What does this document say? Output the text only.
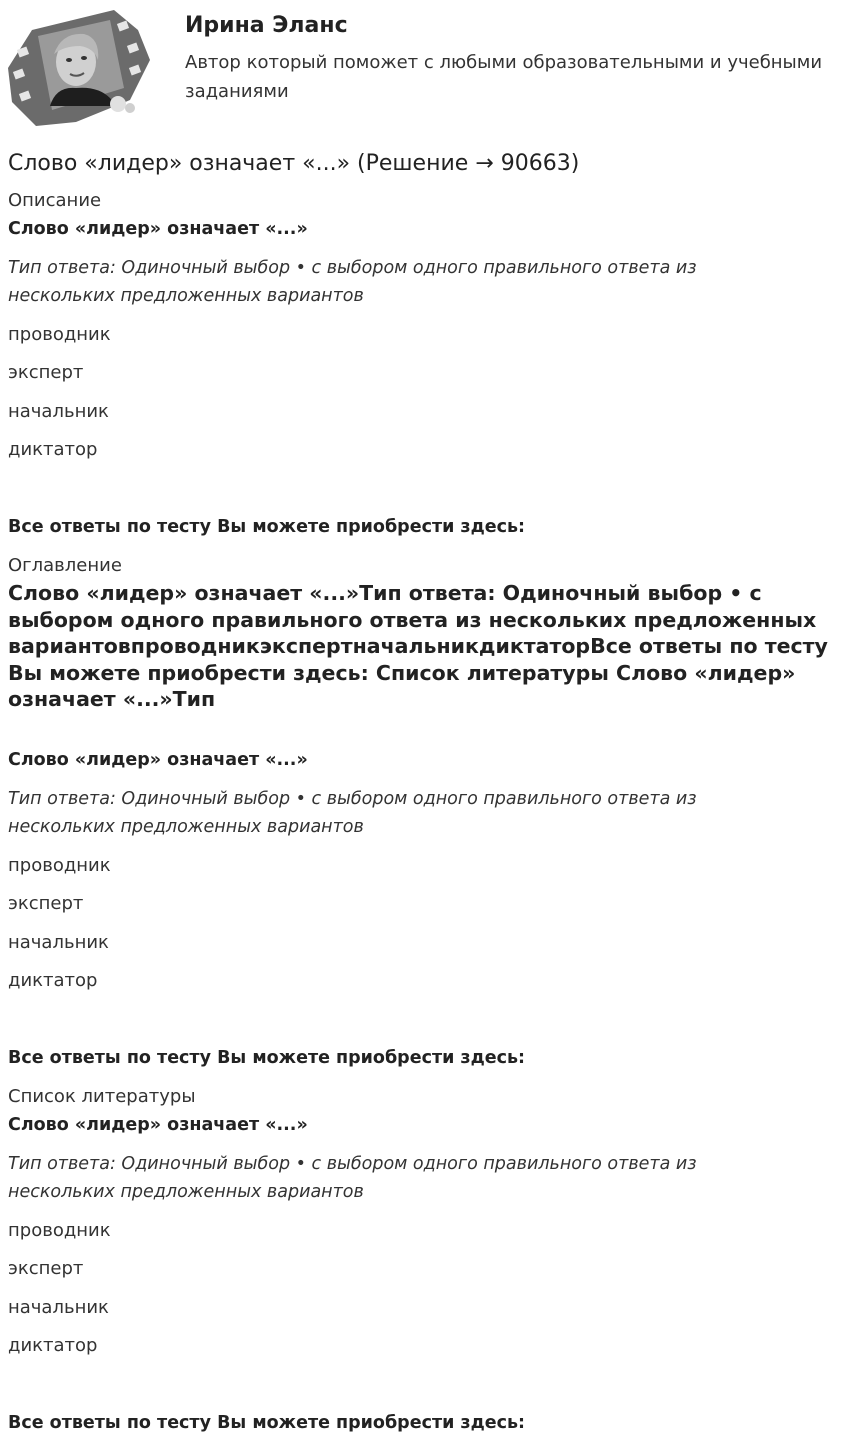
Ирина Эланс
Автор который поможет с любыми образовательными и учебными заданиями
Слово «лидер» означает «...» (Решение → 90663)
Описание
Слово «лидер» означает «...»
Тип ответа: Одиночный выбор • с выбором одного правильного ответа из нескольких предложенных вариантов
проводник
эксперт
начальник
диктатор
Все ответы по тесту Вы можете приобрести здесь:
Оглавление
Слово «лидер» означает «...»Тип ответа: Одиночный выбор • с выбором одного правильного ответа из нескольких предложенных вариантовпроводникэкспертначальникдиктаторВсе ответы по тесту Вы можете приобрести здесь: Список литературы Слово «лидер» означает «...»Тип
Слово «лидер» означает «...»
Тип ответа: Одиночный выбор • с выбором одного правильного ответа из нескольких предложенных вариантов
проводник
эксперт
начальник
диктатор
Все ответы по тесту Вы можете приобрести здесь:
Список литературы
Слово «лидер» означает «...»
Тип ответа: Одиночный выбор • с выбором одного правильного ответа из нескольких предложенных вариантов
проводник
эксперт
начальник
диктатор
Все ответы по тесту Вы можете приобрести здесь:
